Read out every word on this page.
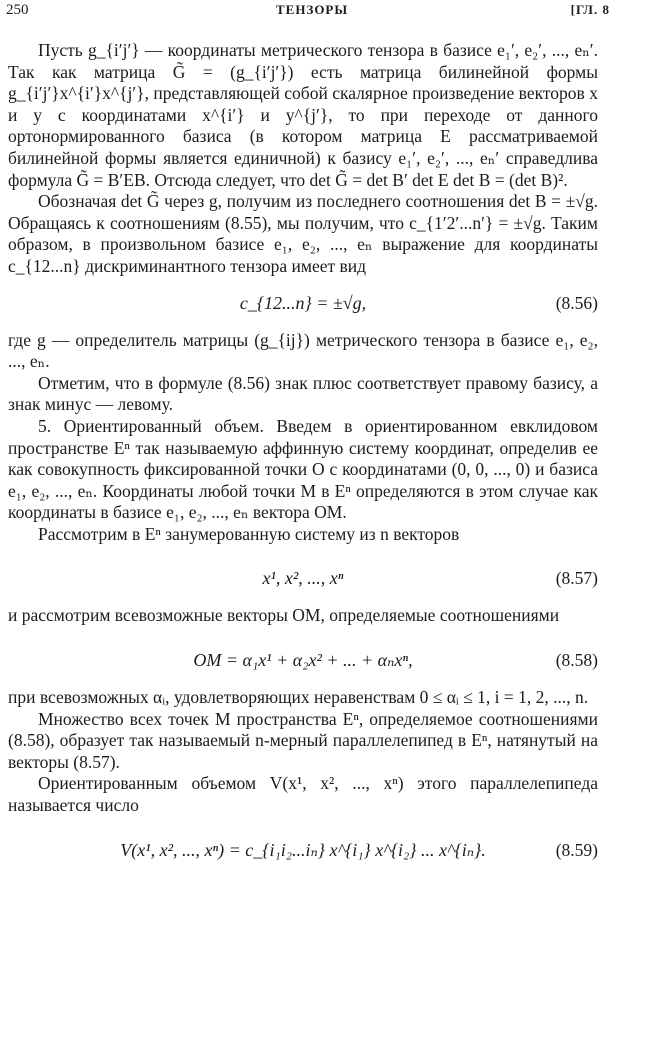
250	ТЕНЗОРЫ	[ГЛ. 8

Пусть g_{i′j′} — координаты метрического тензора в базисе e₁′, e₂′, ..., eₙ′. Так как матрица G̃ = (g_{i′j′}) есть матрица билинейной формы g_{i′j′}x^{i′}x^{j′}, представляющей собой скалярное произведение векторов x и y с координатами x^{i′} и y^{j′}, то при переходе от данного ортонормированного базиса (в котором матрица E рассматриваемой билинейной формы является единичной) к базису e₁′, e₂′, ..., eₙ′ справедлива формула G̃ = B′EB. Отсюда следует, что det G̃ = det B′ det E det B = (det B)².

Обозначая det G̃ через g, получим из последнего соотношения det B = ±√g. Обращаясь к соотношениям (8.55), мы получим, что c_{1′2′...n′} = ±√g. Таким образом, в произвольном базисе e₁, e₂, ..., eₙ выражение для координаты c_{12...n} дискриминантного тензора имеет вид

c_{12...n} = ±√g,	(8.56)

где g — определитель матрицы (g_{ij}) метрического тензора в базисе e₁, e₂, ..., eₙ.

Отметим, что в формуле (8.56) знак плюс соответствует правому базису, а знак минус — левому.

5. Ориентированный объем. Введем в ориентированном евклидовом пространстве Eⁿ так называемую аффинную систему координат, определив ее как совокупность фиксированной точки O с координатами (0, 0, ..., 0) и базиса e₁, e₂, ..., eₙ. Координаты любой точки M в Eⁿ определяются в этом случае как координаты в базисе e₁, e₂, ..., eₙ вектора OM.

Рассмотрим в Eⁿ занумерованную систему из n векторов

x¹, x², ..., xⁿ	(8.57)

и рассмотрим всевозможные векторы OM, определяемые соотношениями

OM = α₁x¹ + α₂x² + ... + αₙxⁿ,	(8.58)

при всевозможных αᵢ, удовлетворяющих неравенствам 0 ≤ αᵢ ≤ 1, i = 1, 2, ..., n.

Множество всех точек M пространства Eⁿ, определяемое соотношениями (8.58), образует так называемый n-мерный параллелепипед в Eⁿ, натянутый на векторы (8.57).

Ориентированным объемом V(x¹, x², ..., xⁿ) этого параллелепипеда называется число

V(x¹, x², ..., xⁿ) = c_{i₁i₂...iₙ} x^{i₁} x^{i₂} ... x^{iₙ}.	(8.59)
